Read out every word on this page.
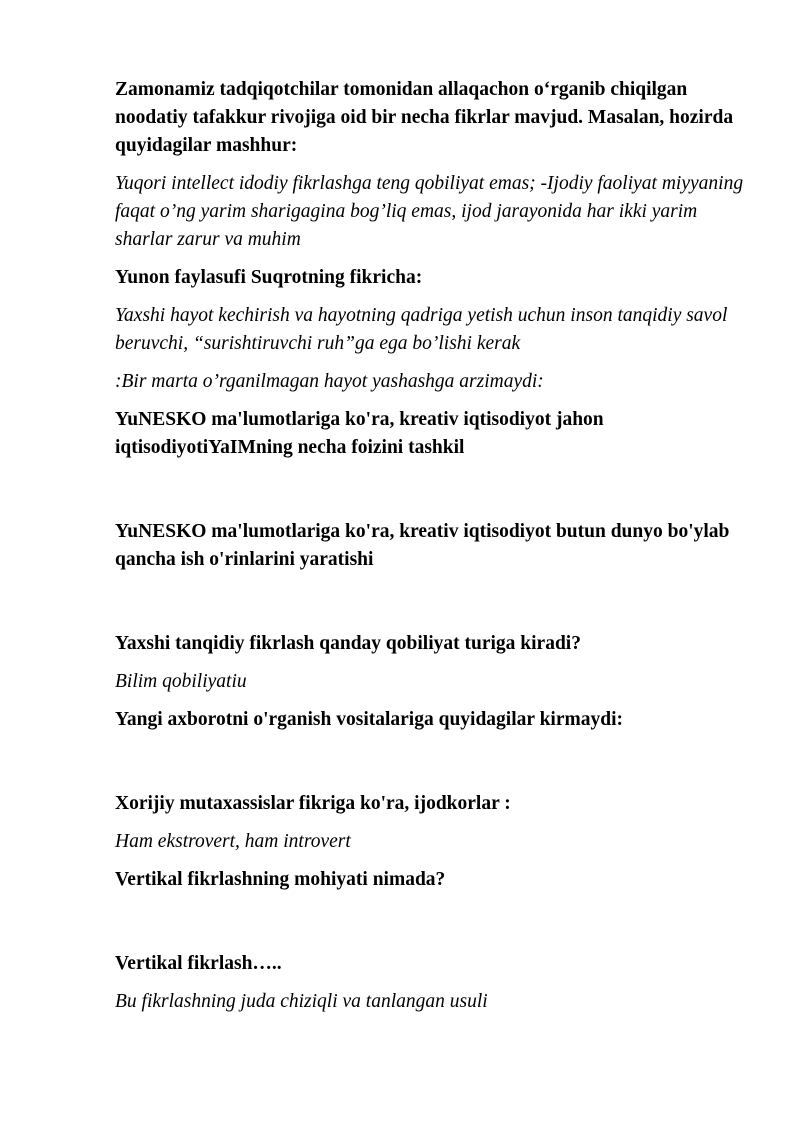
Zamonamiz tadqiqotchilar tomonidan allaqachon o‘rganib chiqilgan noodatiy tafakkur rivojiga oid bir necha fikrlar mavjud. Masalan, hozirda quyidagilar mashhur:

Yuqori intellect idodiy fikrlashga teng qobiliyat emas; -Ijodiy faoliyat miyyaning faqat o’ng yarim sharigagina bog’liq emas, ijod jarayonida har ikki yarim sharlar zarur va muhim

Yunon faylasufi Suqrotning fikricha:

Yaxshi hayot kechirish va hayotning qadriga yetish uchun inson tanqidiy savol beruvchi, “surishtiruvchi ruh”ga ega bo’lishi kerak

:Bir marta o’rganilmagan hayot yashashga arzimaydi:

YuNESKO ma'lumotlariga ko'ra, kreativ iqtisodiyot jahon iqtisodiyotiYaIMning necha foizini tashkil

YuNESKO ma'lumotlariga ko'ra, kreativ iqtisodiyot butun dunyo bo'ylab qancha ish o'rinlarini yaratishi

Yaxshi tanqidiy fikrlash qanday qobiliyat turiga kiradi?

Bilim qobiliyatiu

Yangi axborotni o'rganish vositalariga quyidagilar kirmaydi:

Xorijiy mutaxassislar fikriga ko'ra, ijodkorlar :

Ham ekstrovert, ham introvert

Vertikal fikrlashning mohiyati nimada?

Vertikal fikrlash…..

Bu fikrlashning juda chiziqli va tanlangan usuli
